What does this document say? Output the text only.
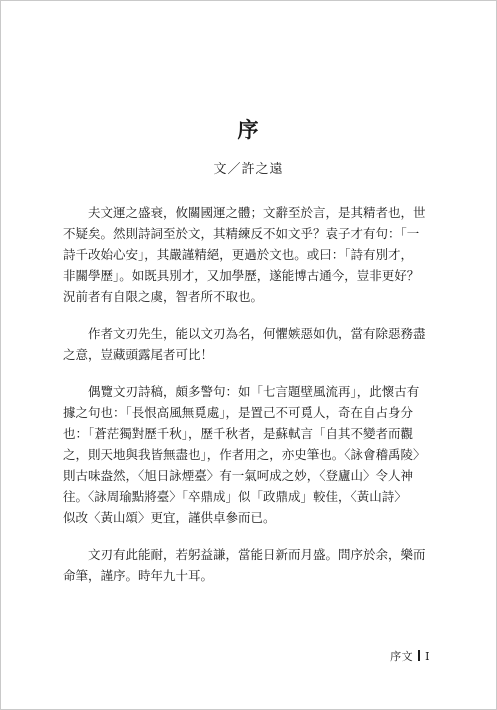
序
文／許之遠

　　夫文運之盛衰，攸關國運之體；文辭至於言，是其精者也，世
不疑矣。然則詩詞至於文，其精練反不如文乎？袁子才有句：「一
詩千改始心安」，其嚴謹精絕，更過於文也。或曰：「詩有別才，
非關學歷」。如既具別才，又加學歷，遂能博古通今，豈非更好？
況前者有自限之虞，智者所不取也。

　　作者文刃先生，能以文刃為名，何懼嫉惡如仇，當有除惡務盡
之意，豈藏頭露尾者可比！

　　偶覽文刃詩稿，頗多警句：如「七言題壁風流再」，此懷古有
據之句也：「長恨高風無覓處」，是置己不可覓人，奇在自占身分
也：「蒼茫獨對歷千秋」，歷千秋者，是蘇軾言「自其不變者而觀
之，則天地與我皆無盡也」，作者用之，亦史筆也。〈詠會稽禹陵〉
則古味盎然，〈旭日詠煙臺〉有一氣呵成之妙，〈登廬山〉令人神
往。〈詠周瑜點將臺〉「卒鼎成」似「政鼎成」較佳，〈黃山詩〉
似改〈黃山頌〉更宜，謹供卓參而已。

　　文刃有此能耐，若躬益謙，當能日新而月盛。問序於余，樂而
命筆，謹序。時年九十耳。

序文 I
